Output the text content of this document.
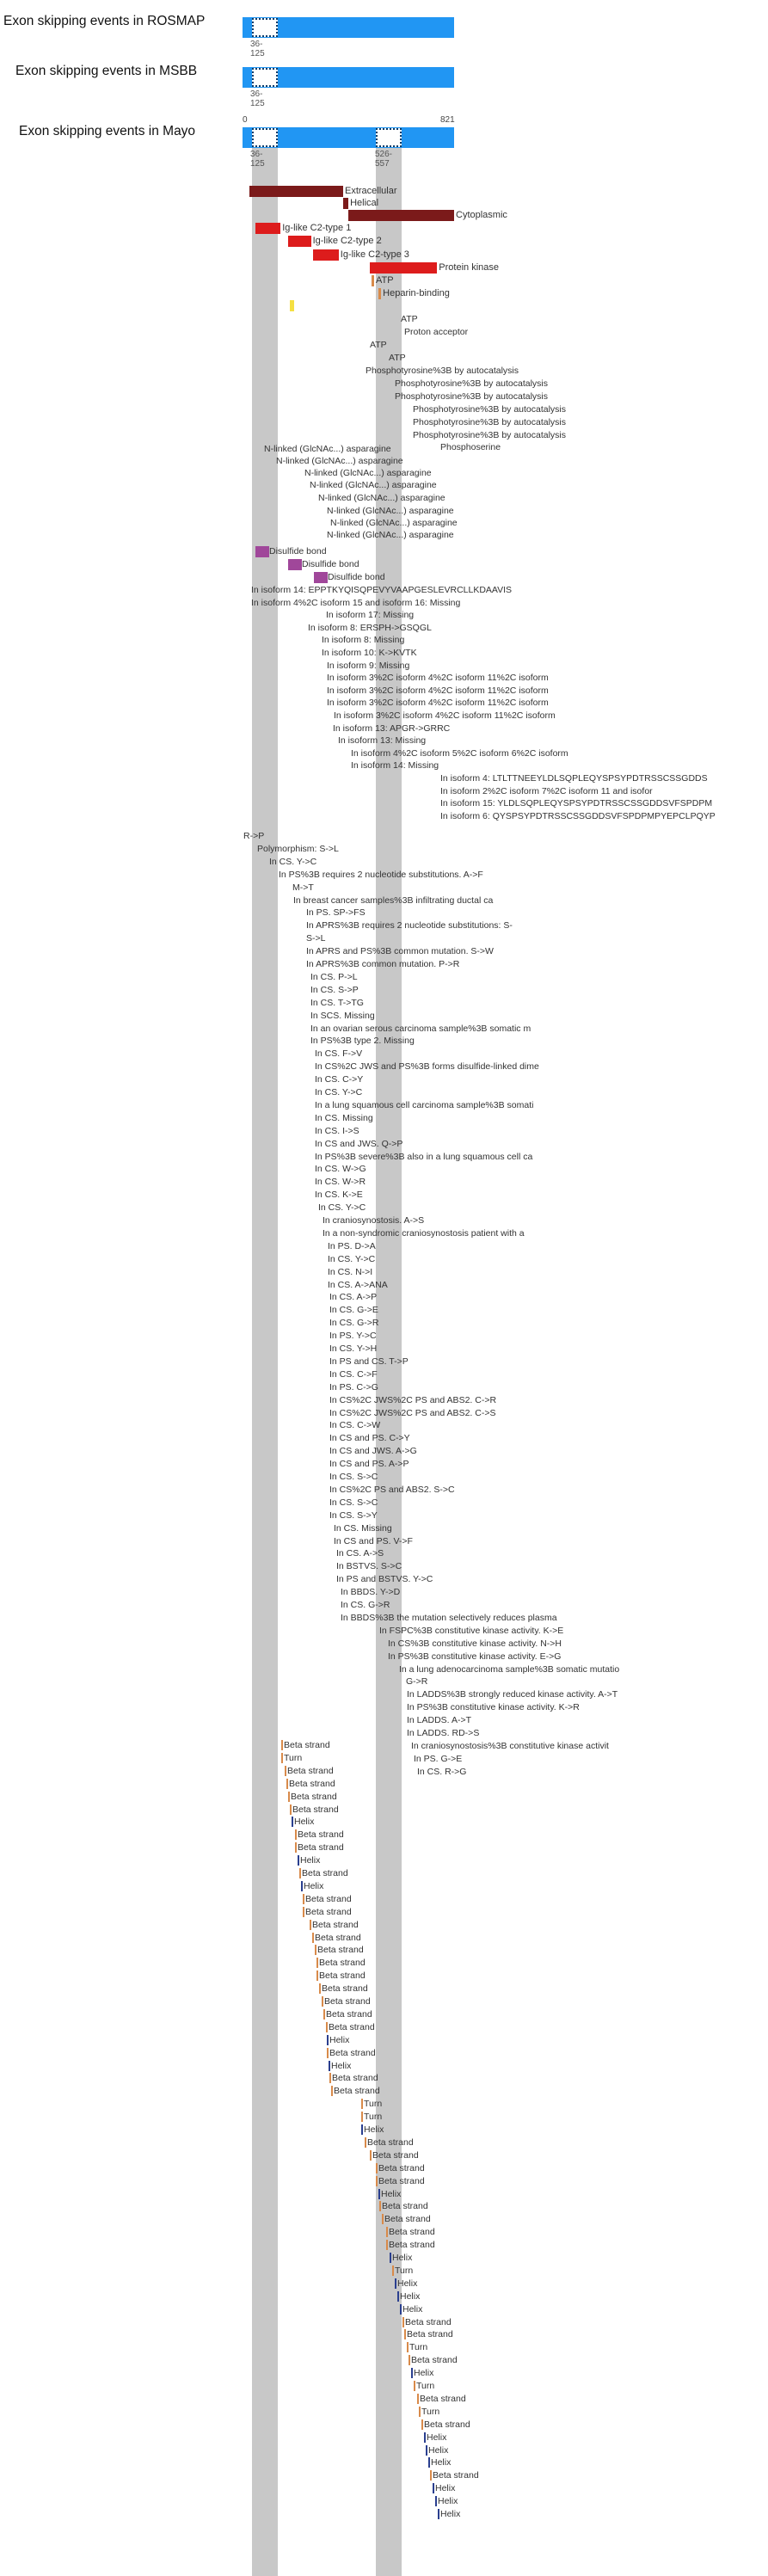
Exon skipping events in ROSMAP
36-125
Exon skipping events in MSBB
36-125
Exon skipping events in Mayo
36-125
526-557
0	821
Extracellular
Helical
Cytoplasmic
Ig-like C2-type 1
Ig-like C2-type 2
Ig-like C2-type 3
Protein kinase
ATP
Heparin-binding
ATP
Proton acceptor
ATP
ATP
Phosphotyrosine%3B by autocatalysis
Phosphotyrosine%3B by autocatalysis
Phosphotyrosine%3B by autocatalysis
Phosphotyrosine%3B by autocatalysis
Phosphotyrosine%3B by autocatalysis
Phosphotyrosine%3B by autocatalysis
Phosphoserine
N-linked (GlcNAc...) asparagine
N-linked (GlcNAc...) asparagine
N-linked (GlcNAc...) asparagine
N-linked (GlcNAc...) asparagine
N-linked (GlcNAc...) asparagine
N-linked (GlcNAc...) asparagine
N-linked (GlcNAc...) asparagine
N-linked (GlcNAc...) asparagine
Disulfide bond
Disulfide bond
Disulfide bond
In isoform 14: EPPTKYQISQPEVYVAAPGESLEVRCLLKDAAVIS
In isoform 4%2C isoform 15 and isoform 16: Missing
In isoform 17: Missing
In isoform 8: ERSPH->GSQGL
In isoform 8: Missing
In isoform 10: K->KVTK
In isoform 9: Missing
In isoform 3%2C isoform 4%2C isoform 11%2C isoform
In isoform 3%2C isoform 4%2C isoform 11%2C isoform
In isoform 3%2C isoform 4%2C isoform 11%2C isoform
In isoform 3%2C isoform 4%2C isoform 11%2C isoform
In isoform 13: APGR->GRRC
In isoform 13: Missing
In isoform 4%2C isoform 5%2C isoform 6%2C isoform
In isoform 14: Missing
In isoform 4: LTLTTNEEYLDLSQPLEQYSPSYPDTRSSCSSGDDS
In isoform 2%2C isoform 7%2C isoform 11 and isofor
In isoform 15: YLDLSQPLEQYSPSYPDTRSSCSSGDDSVFSPDPM
In isoform 6: QYSPSYPDTRSSCSSGDDSVFSPDPMPYEPCLPQYP
R->P
Polymorphism: S->L
In CS. Y->C
In PS%3B requires 2 nucleotide substitutions. A->F
M->T
In breast cancer samples%3B infiltrating ductal ca
In PS. SP->FS
In APRS%3B requires 2 nucleotide substitutions: S-
S->L
In APRS and PS%3B common mutation. S->W
In APRS%3B common mutation. P->R
In CS. P->L
In CS. S->P
In CS. T->TG
In SCS. Missing
In an ovarian serous carcinoma sample%3B somatic m
In PS%3B type 2. Missing
In CS. F->V
In CS%2C JWS and PS%3B forms disulfide-linked dime
In CS. C->Y
In CS. Y->C
In a lung squamous cell carcinoma sample%3B somati
In CS. Missing
In CS. I->S
In CS and JWS. Q->P
In PS%3B severe%3B also in a lung squamous cell ca
In CS. W->G
In CS. W->R
In CS. K->E
In CS. Y->C
In craniosynostosis. A->S
In a non-syndromic craniosynostosis patient with a
In PS. D->A
In CS. Y->C
In CS. N->I
In CS. A->ANA
In CS. A->P
In CS. G->E
In CS. G->R
In PS. Y->C
In CS. Y->H
In PS and CS. T->P
In CS. C->F
In PS. C->G
In CS%2C JWS%2C PS and ABS2. C->R
In CS%2C JWS%2C PS and ABS2. C->S
In CS. C->W
In CS and PS. C->Y
In CS and JWS. A->G
In CS and PS. A->P
In CS. S->C
In CS%2C PS and ABS2. S->C
In CS. S->C
In CS. S->Y
In CS. Missing
In CS and PS. V->F
In CS. A->S
In BSTVS. S->C
In PS and BSTVS. Y->C
In BBDS. Y->D
In CS. G->R
In BBDS%3B the mutation selectively reduces plasma
In FSPC%3B constitutive kinase activity. K->E
In CS%3B constitutive kinase activity. N->H
In PS%3B constitutive kinase activity. E->G
In a lung adenocarcinoma sample%3B somatic mutatio
G->R
In LADDS%3B strongly reduced kinase activity. A->T
In PS%3B constitutive kinase activity. K->R
In LADDS. A->T
In LADDS. RD->S
In craniosynostosis%3B constitutive kinase activit
In PS. G->E
In CS. R->G
Beta strand
Turn
Beta strand
Beta strand
Beta strand
Beta strand
Helix
Beta strand
Beta strand
Helix
Beta strand
Helix
Beta strand
Beta strand
Beta strand
Beta strand
Beta strand
Beta strand
Beta strand
Beta strand
Beta strand
Beta strand
Beta strand
Helix
Beta strand
Helix
Beta strand
Beta strand
Turn
Turn
Helix
Beta strand
Beta strand
Beta strand
Beta strand
Helix
Beta strand
Beta strand
Beta strand
Beta strand
Helix
Turn
Helix
Helix
Helix
Beta strand
Beta strand
Turn
Beta strand
Helix
Turn
Beta strand
Turn
Beta strand
Helix
Helix
Helix
Beta strand
Helix
Helix
Helix
